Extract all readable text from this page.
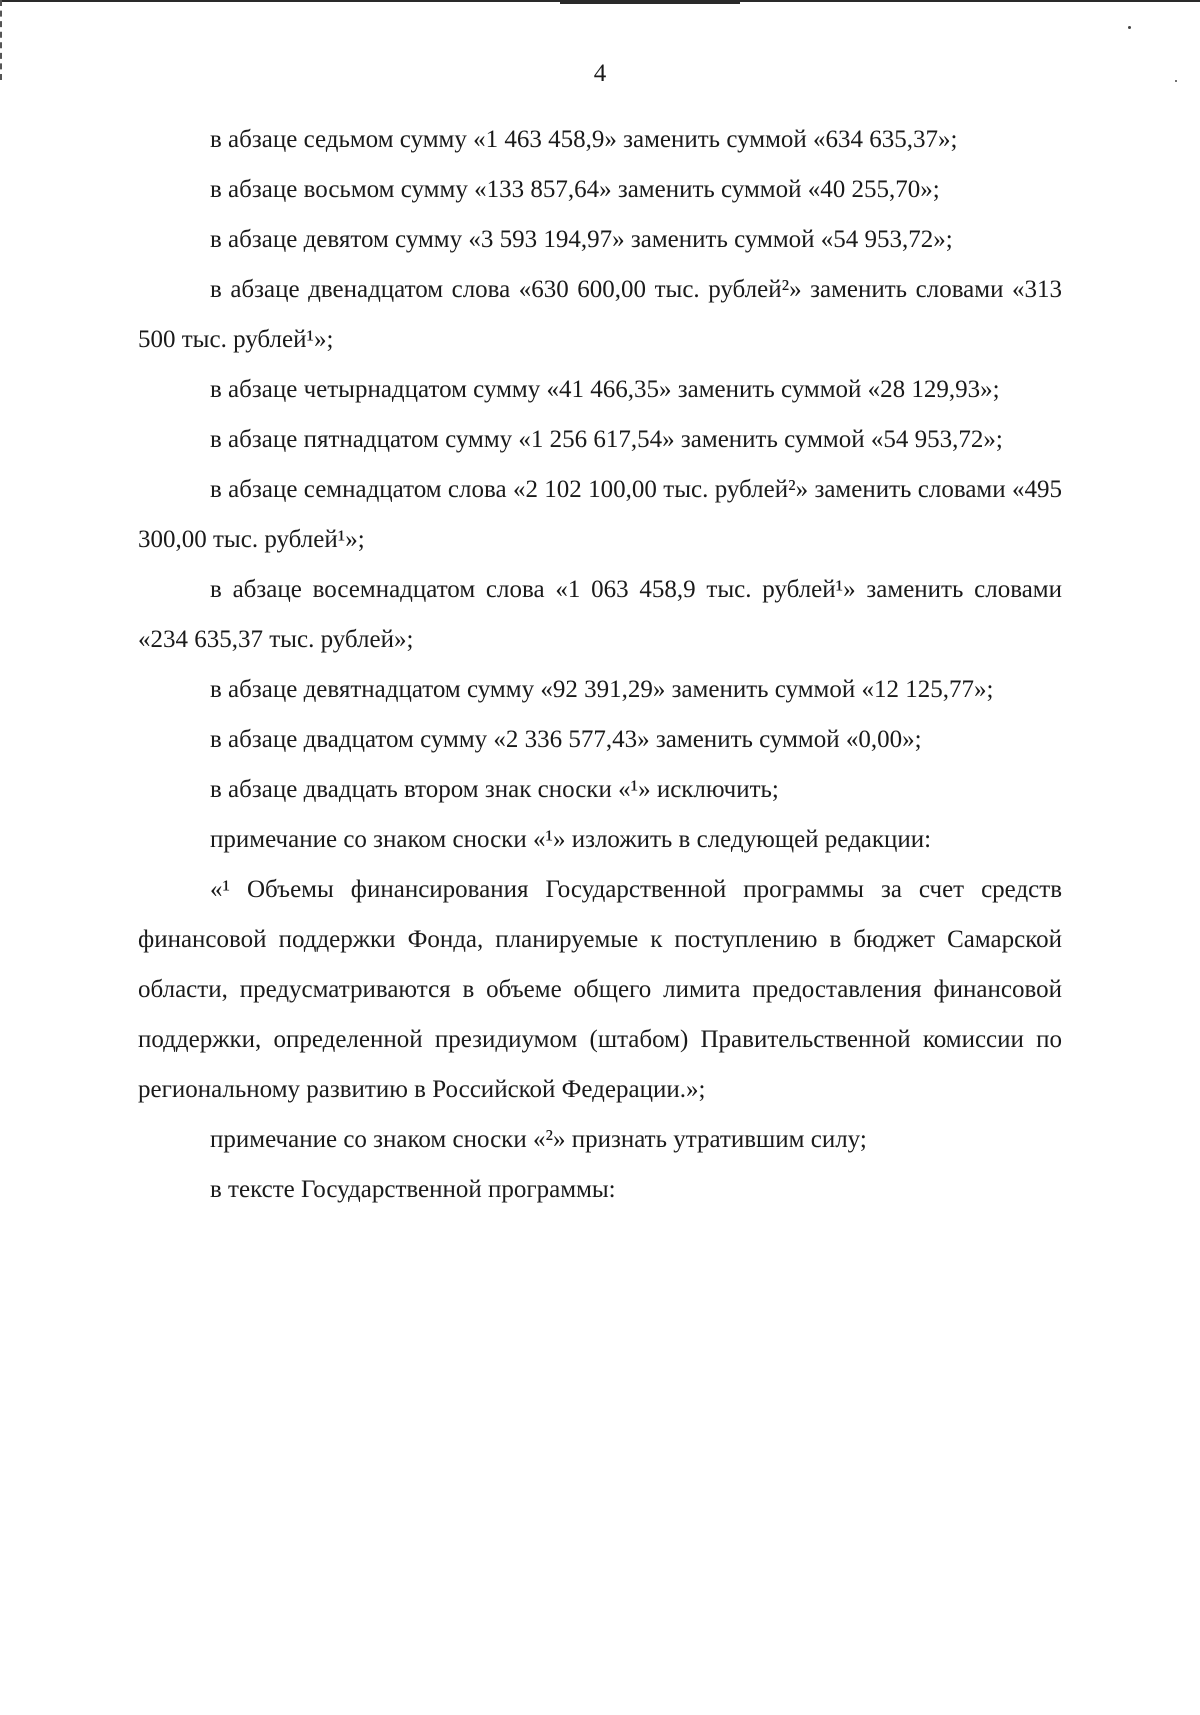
4

в абзаце седьмом сумму «1 463 458,9» заменить суммой «634 635,37»;

в абзаце восьмом сумму «133 857,64» заменить суммой «40 255,70»;

в абзаце девятом сумму «3 593 194,97» заменить суммой «54 953,72»;

в абзаце двенадцатом слова «630 600,00 тыс. рублей²» заменить словами «313 500 тыс. рублей¹»;

в абзаце четырнадцатом сумму «41 466,35» заменить суммой «28 129,93»;

в абзаце пятнадцатом сумму «1 256 617,54» заменить суммой «54 953,72»;

в абзаце семнадцатом слова «2 102 100,00 тыс. рублей²» заменить словами «495 300,00 тыс. рублей¹»;

в абзаце восемнадцатом слова «1 063 458,9 тыс. рублей¹» заменить словами «234 635,37 тыс. рублей»;

в абзаце девятнадцатом сумму «92 391,29» заменить суммой «12 125,77»;

в абзаце двадцатом сумму «2 336 577,43» заменить суммой «0,00»;

в абзаце двадцать втором знак сноски «¹» исключить;

примечание со знаком сноски «¹» изложить в следующей редакции:

«¹ Объемы финансирования Государственной программы за счет средств финансовой поддержки Фонда, планируемые к поступлению в бюджет Самарской области, предусматриваются в объеме общего лимита предоставления финансовой поддержки, определенной президиумом (штабом) Правительственной комиссии по региональному развитию в Российской Федерации.»;

примечание со знаком сноски «²» признать утратившим силу;

в тексте Государственной программы:
